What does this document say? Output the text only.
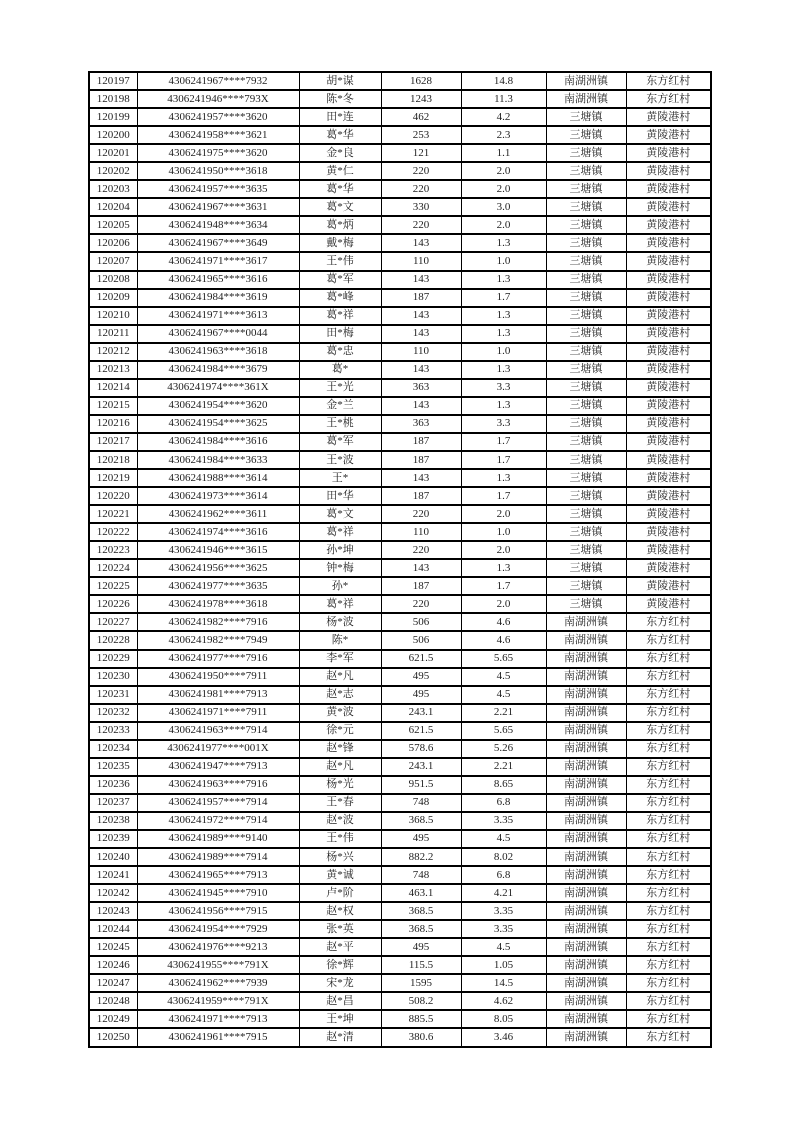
120197	4306241967****7932	胡*谋	1628	14.8	南湖洲镇	东方红村
120198	4306241946****793X	陈*冬	1243	11.3	南湖洲镇	东方红村
120199	4306241957****3620	田*连	462	4.2	三塘镇	黄陵港村
120200	4306241958****3621	葛*华	253	2.3	三塘镇	黄陵港村
120201	4306241975****3620	金*良	121	1.1	三塘镇	黄陵港村
120202	4306241950****3618	黄*仁	220	2.0	三塘镇	黄陵港村
120203	4306241957****3635	葛*华	220	2.0	三塘镇	黄陵港村
120204	4306241967****3631	葛*文	330	3.0	三塘镇	黄陵港村
120205	4306241948****3634	葛*炳	220	2.0	三塘镇	黄陵港村
120206	4306241967****3649	戴*梅	143	1.3	三塘镇	黄陵港村
120207	4306241971****3617	王*伟	110	1.0	三塘镇	黄陵港村
120208	4306241965****3616	葛*军	143	1.3	三塘镇	黄陵港村
120209	4306241984****3619	葛*峰	187	1.7	三塘镇	黄陵港村
120210	4306241971****3613	葛*祥	143	1.3	三塘镇	黄陵港村
120211	4306241967****0044	田*梅	143	1.3	三塘镇	黄陵港村
120212	4306241963****3618	葛*忠	110	1.0	三塘镇	黄陵港村
120213	4306241984****3679	葛*	143	1.3	三塘镇	黄陵港村
120214	4306241974****361X	王*光	363	3.3	三塘镇	黄陵港村
120215	4306241954****3620	金*兰	143	1.3	三塘镇	黄陵港村
120216	4306241954****3625	王*桃	363	3.3	三塘镇	黄陵港村
120217	4306241984****3616	葛*军	187	1.7	三塘镇	黄陵港村
120218	4306241984****3633	王*波	187	1.7	三塘镇	黄陵港村
120219	4306241988****3614	王*	143	1.3	三塘镇	黄陵港村
120220	4306241973****3614	田*华	187	1.7	三塘镇	黄陵港村
120221	4306241962****3611	葛*文	220	2.0	三塘镇	黄陵港村
120222	4306241974****3616	葛*祥	110	1.0	三塘镇	黄陵港村
120223	4306241946****3615	孙*坤	220	2.0	三塘镇	黄陵港村
120224	4306241956****3625	钟*梅	143	1.3	三塘镇	黄陵港村
120225	4306241977****3635	孙*	187	1.7	三塘镇	黄陵港村
120226	4306241978****3618	葛*祥	220	2.0	三塘镇	黄陵港村
120227	4306241982****7916	杨*波	506	4.6	南湖洲镇	东方红村
120228	4306241982****7949	陈*	506	4.6	南湖洲镇	东方红村
120229	4306241977****7916	李*军	621.5	5.65	南湖洲镇	东方红村
120230	4306241950****7911	赵*凡	495	4.5	南湖洲镇	东方红村
120231	4306241981****7913	赵*志	495	4.5	南湖洲镇	东方红村
120232	4306241971****7911	黄*波	243.1	2.21	南湖洲镇	东方红村
120233	4306241963****7914	徐*元	621.5	5.65	南湖洲镇	东方红村
120234	4306241977****001X	赵*锋	578.6	5.26	南湖洲镇	东方红村
120235	4306241947****7913	赵*凡	243.1	2.21	南湖洲镇	东方红村
120236	4306241963****7916	杨*光	951.5	8.65	南湖洲镇	东方红村
120237	4306241957****7914	王*春	748	6.8	南湖洲镇	东方红村
120238	4306241972****7914	赵*波	368.5	3.35	南湖洲镇	东方红村
120239	4306241989****9140	王*伟	495	4.5	南湖洲镇	东方红村
120240	4306241989****7914	杨*兴	882.2	8.02	南湖洲镇	东方红村
120241	4306241965****7913	黄*诚	748	6.8	南湖洲镇	东方红村
120242	4306241945****7910	卢*阶	463.1	4.21	南湖洲镇	东方红村
120243	4306241956****7915	赵*权	368.5	3.35	南湖洲镇	东方红村
120244	4306241954****7929	张*英	368.5	3.35	南湖洲镇	东方红村
120245	4306241976****9213	赵*平	495	4.5	南湖洲镇	东方红村
120246	4306241955****791X	徐*辉	115.5	1.05	南湖洲镇	东方红村
120247	4306241962****7939	宋*龙	1595	14.5	南湖洲镇	东方红村
120248	4306241959****791X	赵*昌	508.2	4.62	南湖洲镇	东方红村
120249	4306241971****7913	王*坤	885.5	8.05	南湖洲镇	东方红村
120250	4306241961****7915	赵*清	380.6	3.46	南湖洲镇	东方红村
